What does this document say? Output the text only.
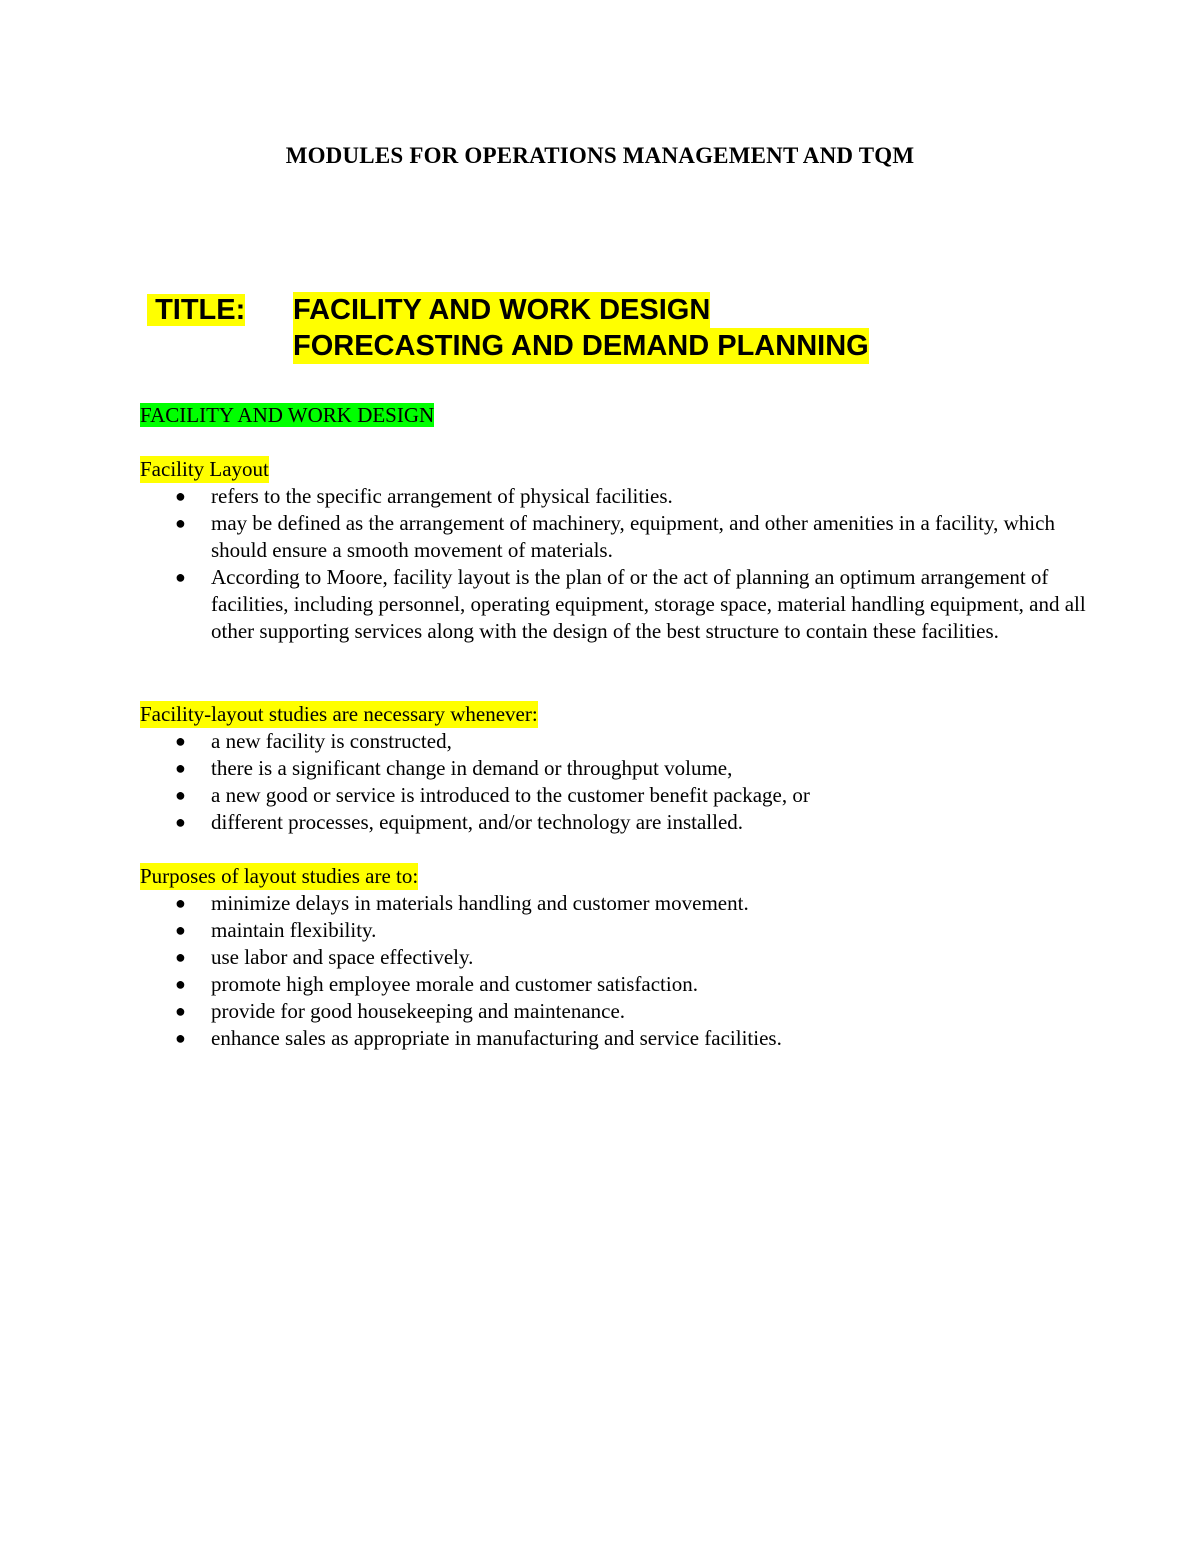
MODULES FOR OPERATIONS MANAGEMENT AND TQM
TITLE:	FACILITY AND WORK DESIGN
FORECASTING AND DEMAND PLANNING
FACILITY AND WORK DESIGN
Facility Layout
● refers to the specific arrangement of physical facilities.
● may be defined as the arrangement of machinery, equipment, and other amenities in a facility, which should ensure a smooth movement of materials.
● According to Moore, facility layout is the plan of or the act of planning an optimum arrangement of facilities, including personnel, operating equipment, storage space, material handling equipment, and all other supporting services along with the design of the best structure to contain these facilities.
Facility-layout studies are necessary whenever:
● a new facility is constructed,
● there is a significant change in demand or throughput volume,
● a new good or service is introduced to the customer benefit package, or
● different processes, equipment, and/or technology are installed.
Purposes of layout studies are to:
● minimize delays in materials handling and customer movement.
● maintain flexibility.
● use labor and space effectively.
● promote high employee morale and customer satisfaction.
● provide for good housekeeping and maintenance.
● enhance sales as appropriate in manufacturing and service facilities.
